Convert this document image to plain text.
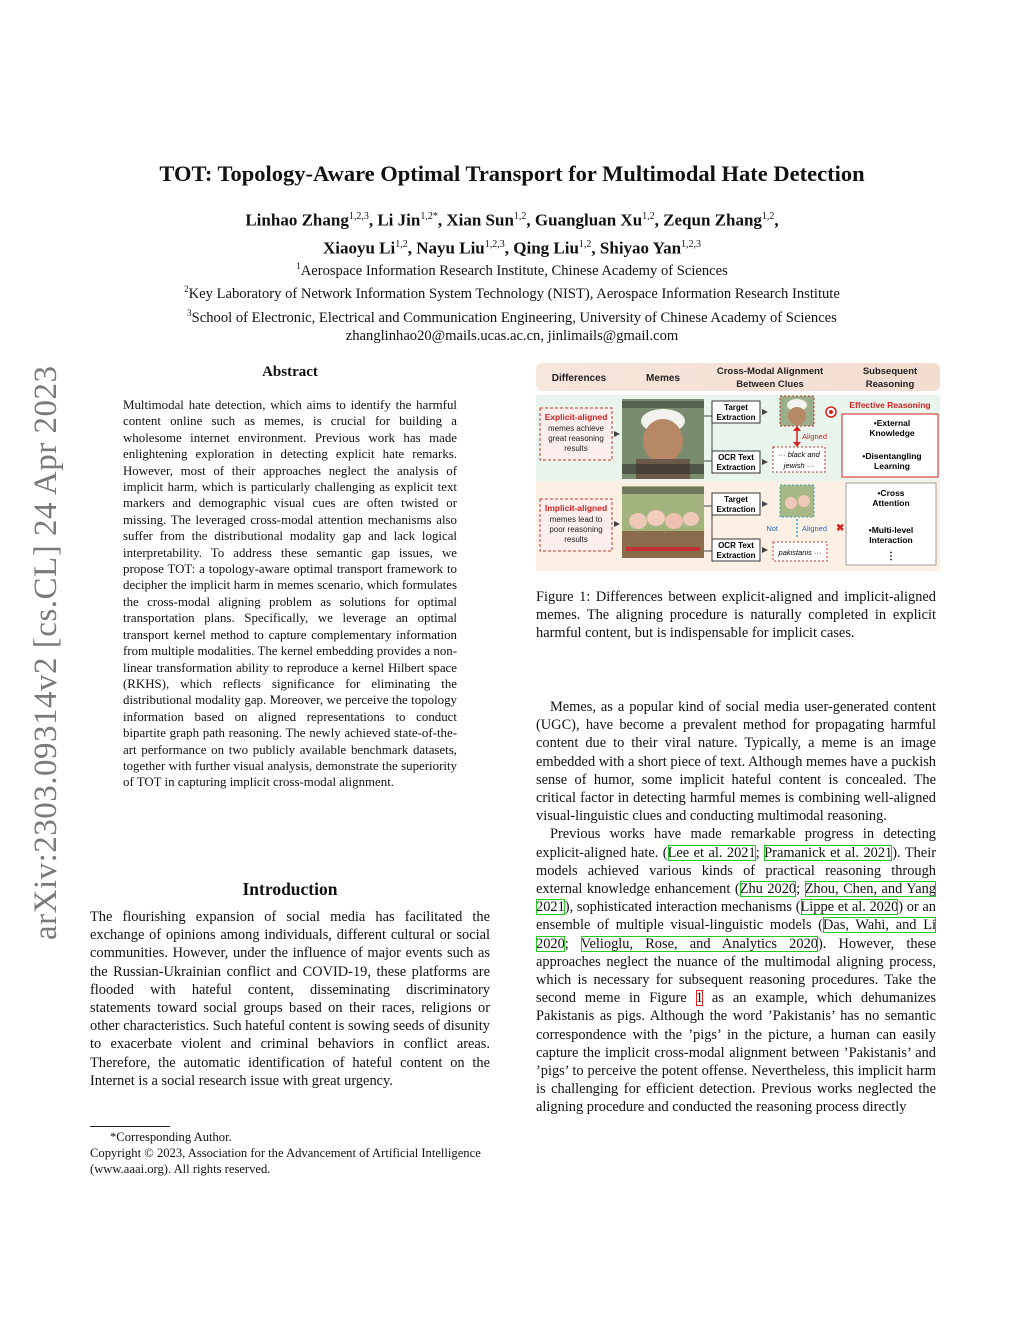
arXiv:2303.09314v2 [cs.CL] 24 Apr 2023
TOT: Topology-Aware Optimal Transport for Multimodal Hate Detection
Linhao Zhang$^{1,2,3}$, Li Jin$^{1,2*}$, Xian Sun$^{1,2}$, Guangluan Xu$^{1,2}$, Zequn Zhang$^{1,2}$,
Xiaoyu Li$^{1,2}$, Nayu Liu$^{1,2,3}$, Qing Liu$^{1,2}$, Shiyao Yan$^{1,2,3}$
$^1$Aerospace Information Research Institute, Chinese Academy of Sciences
$^2$Key Laboratory of Network Information System Technology (NIST), Aerospace Information Research Institute
$^3$School of Electronic, Electrical and Communication Engineering, University of Chinese Academy of Sciences
zhanglinhao20@mails.ucas.ac.cn, jinlimails@gmail.com
Abstract
Multimodal hate detection, which aims to identify the harmful content online such as memes, is crucial for building a wholesome internet environment. Previous work has made enlightening exploration in detecting explicit hate remarks. However, most of their approaches neglect the analysis of implicit harm, which is particularly challenging as explicit text markers and demographic visual cues are often twisted or missing. The leveraged cross-modal attention mechanisms also suffer from the distributional modality gap and lack logical interpretability. To address these semantic gap issues, we propose TOT: a topology-aware optimal transport framework to decipher the implicit harm in memes scenario, which formulates the cross-modal aligning problem as solutions for optimal transportation plans. Specifically, we leverage an optimal transport kernel method to capture complementary information from multiple modalities. The kernel embedding provides a non-linear transformation ability to reproduce a kernel Hilbert space (RKHS), which reflects significance for eliminating the distributional modality gap. Moreover, we perceive the topology information based on aligned representations to conduct bipartite graph path reasoning. The newly achieved state-of-the-art performance on two publicly available benchmark datasets, together with further visual analysis, demonstrate the superiority of TOT in capturing implicit cross-modal alignment.
Introduction

The flourishing expansion of social media has facilitated the exchange of opinions among individuals, different cultural or social communities. However, under the influence of major events such as the Russian-Ukrainian conflict and COVID-19, these platforms are flooded with hateful content, disseminating discriminatory statements toward social groups based on their races, religions or other characteristics. Such hateful content is sowing seeds of disunity to exacerbate violent and criminal behaviors in conflict areas. Therefore, the automatic identification of hateful content on the Internet is a social research issue with great urgency.

*Corresponding Author.
Copyright © 2023, Association for the Advancement of Artificial Intelligence (www.aaai.org). All rights reserved.
Differences	Memes
Cross-Modal Alignment
Between Clues
Subsequent
Reasoning
Explicit-aligned
memes achieve
great reasoning
results
Implicit-aligned
memes lead to
poor reasoning
results
Target
Extraction
OCR Text
Extraction
Target
Extraction
OCR Text
Extraction
Aligned
··· black and
jewish ···
Not	Aligned
pakistanis ···
✖
Effective Reasoning
•External
Knowledge
•Disentangling
Learning
•Cross
Attention
•Multi-level
Interaction
⋮
Figure 1: Differences between explicit-aligned and implicit-aligned memes. The aligning procedure is naturally completed in explicit harmful content, but is indispensable for implicit cases.

Memes, as a popular kind of social media user-generated content (UGC), have become a prevalent method for propagating harmful content due to their viral nature. Typically, a meme is an image embedded with a short piece of text. Although memes have a puckish sense of humor, some implicit hateful content is concealed. The critical factor in detecting harmful memes is combining well-aligned visual-linguistic clues and conducting multimodal reasoning.

Previous works have made remarkable progress in detecting explicit-aligned hate. (Lee et al. 2021; Pramanick et al. 2021). Their models achieved various kinds of practical reasoning through external knowledge enhancement (Zhu 2020; Zhou, Chen, and Yang 2021), sophisticated interaction mechanisms (Lippe et al. 2020) or an ensemble of multiple visual-linguistic models (Das, Wahi, and Li 2020; Velioglu, Rose, and Analytics 2020). However, these approaches neglect the nuance of the multimodal aligning process, which is necessary for subsequent reasoning procedures. Take the second meme in Figure 1 as an example, which dehumanizes Pakistanis as pigs. Although the word ’Pakistanis’ has no semantic correspondence with the ’pigs’ in the picture, a human can easily capture the implicit cross-modal alignment between ’Pakistanis’ and ’pigs’ to perceive the potent offense. Nevertheless, this implicit harm is challenging for efficient detection. Previous works neglected the aligning procedure and conducted the reasoning process directly
